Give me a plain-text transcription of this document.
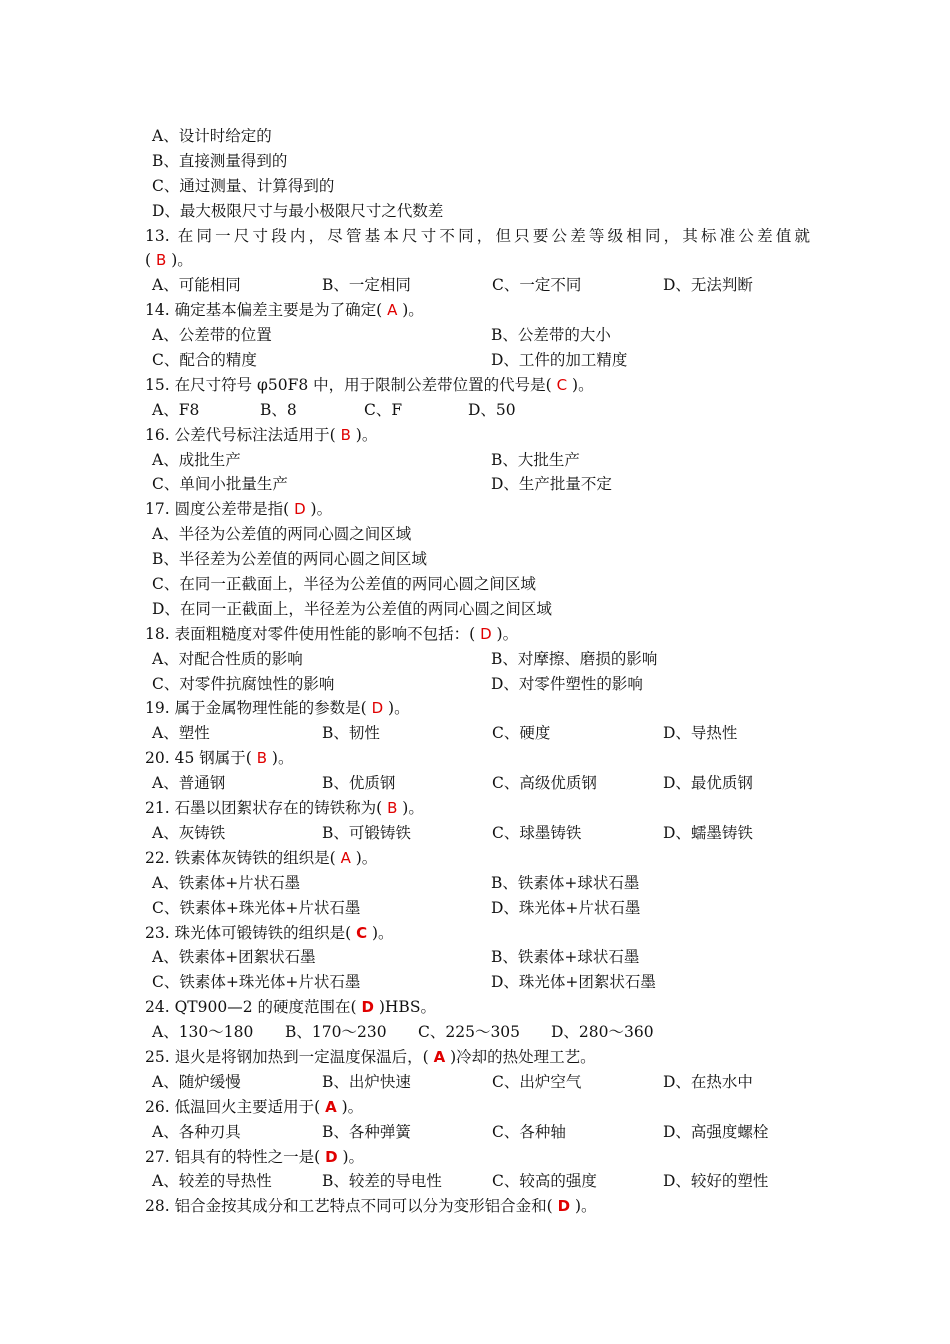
A、设计时给定的
B、直接测量得到的
C、通过测量、计算得到的
D、最大极限尺寸与最小极限尺寸之代数差
13. 在同一尺寸段内，尽管基本尺寸不同，但只要公差等级相同，其标准公差值就
( B )。
A、可能相同	B、一定相同	C、一定不同	D、无法判断
14. 确定基本偏差主要是为了确定( A )。
A、公差带的位置	B、公差带的大小
C、配合的精度	D、工件的加工精度
15. 在尺寸符号 φ50F8 中，用于限制公差带位置的代号是( C )。
A、F8	B、8	C、F	D、50
16. 公差代号标注法适用于( B )。
A、成批生产	B、大批生产
C、单间小批量生产	D、生产批量不定
17. 圆度公差带是指( D )。
A、半径为公差值的两同心圆之间区域
B、半径差为公差值的两同心圆之间区域
C、在同一正截面上，半径为公差值的两同心圆之间区域
D、在同一正截面上，半径差为公差值的两同心圆之间区域
18. 表面粗糙度对零件使用性能的影响不包括：( D )。
A、对配合性质的影响	B、对摩擦、磨损的影响
C、对零件抗腐蚀性的影响	D、对零件塑性的影响
19. 属于金属物理性能的参数是( D )。
A、塑性	B、韧性	C、硬度	D、导热性
20. 45 钢属于( B )。
A、普通钢	B、优质钢	C、高级优质钢	D、最优质钢
21. 石墨以团絮状存在的铸铁称为( B )。
A、灰铸铁	B、可锻铸铁	C、球墨铸铁	D、蠕墨铸铁
22. 铁素体灰铸铁的组织是( A )。
A、铁素体+片状石墨	B、铁素体+球状石墨
C、铁素体+珠光体+片状石墨	D、珠光体+片状石墨
23. 珠光体可锻铸铁的组织是( C )。
A、铁素体+团絮状石墨	B、铁素体+球状石墨
C、铁素体+珠光体+片状石墨	D、珠光体+团絮状石墨
24. QT900—2 的硬度范围在( D )HBS。
A、130～180 B、170～230 C、225～305 D、280～360
25. 退火是将钢加热到一定温度保温后，( A )冷却的热处理工艺。
A、随炉缓慢	B、出炉快速	C、出炉空气	D、在热水中
26. 低温回火主要适用于( A )。
A、各种刃具	B、各种弹簧	C、各种轴	D、高强度螺栓
27. 铝具有的特性之一是( D )。
A、较差的导热性	B、较差的导电性	C、较高的强度	D、较好的塑性
28. 铝合金按其成分和工艺特点不同可以分为变形铝合金和( D )。
